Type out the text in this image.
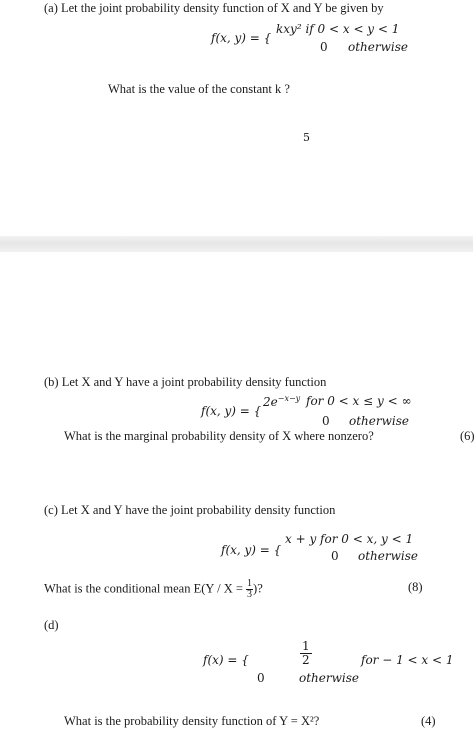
(a) Let the joint probability density function of X and Y be given by
f(x, y) = {
kxy² if 0 < x < y < 1
0 otherwise
What is the value of the constant k ?
5
(b) Let X and Y have a joint probability density function
f(x, y) = {
$2e^{-x-y}$ for 0 < x ≤ y < ∞
0 otherwise
What is the marginal probability density of X where nonzero?	(6)
(c) Let X and Y have the joint probability density function
f(x, y) = {
x + y for 0 < x, y < 1
0 otherwise
What is the conditional mean $E(Y / X = \frac{1}{3}$ )?	(8)
(d)
f(x) = {	$\frac{1}{2}$	for − 1 < x < 1
0	otherwise
What is the probability density function of Y = X²?	(4)
